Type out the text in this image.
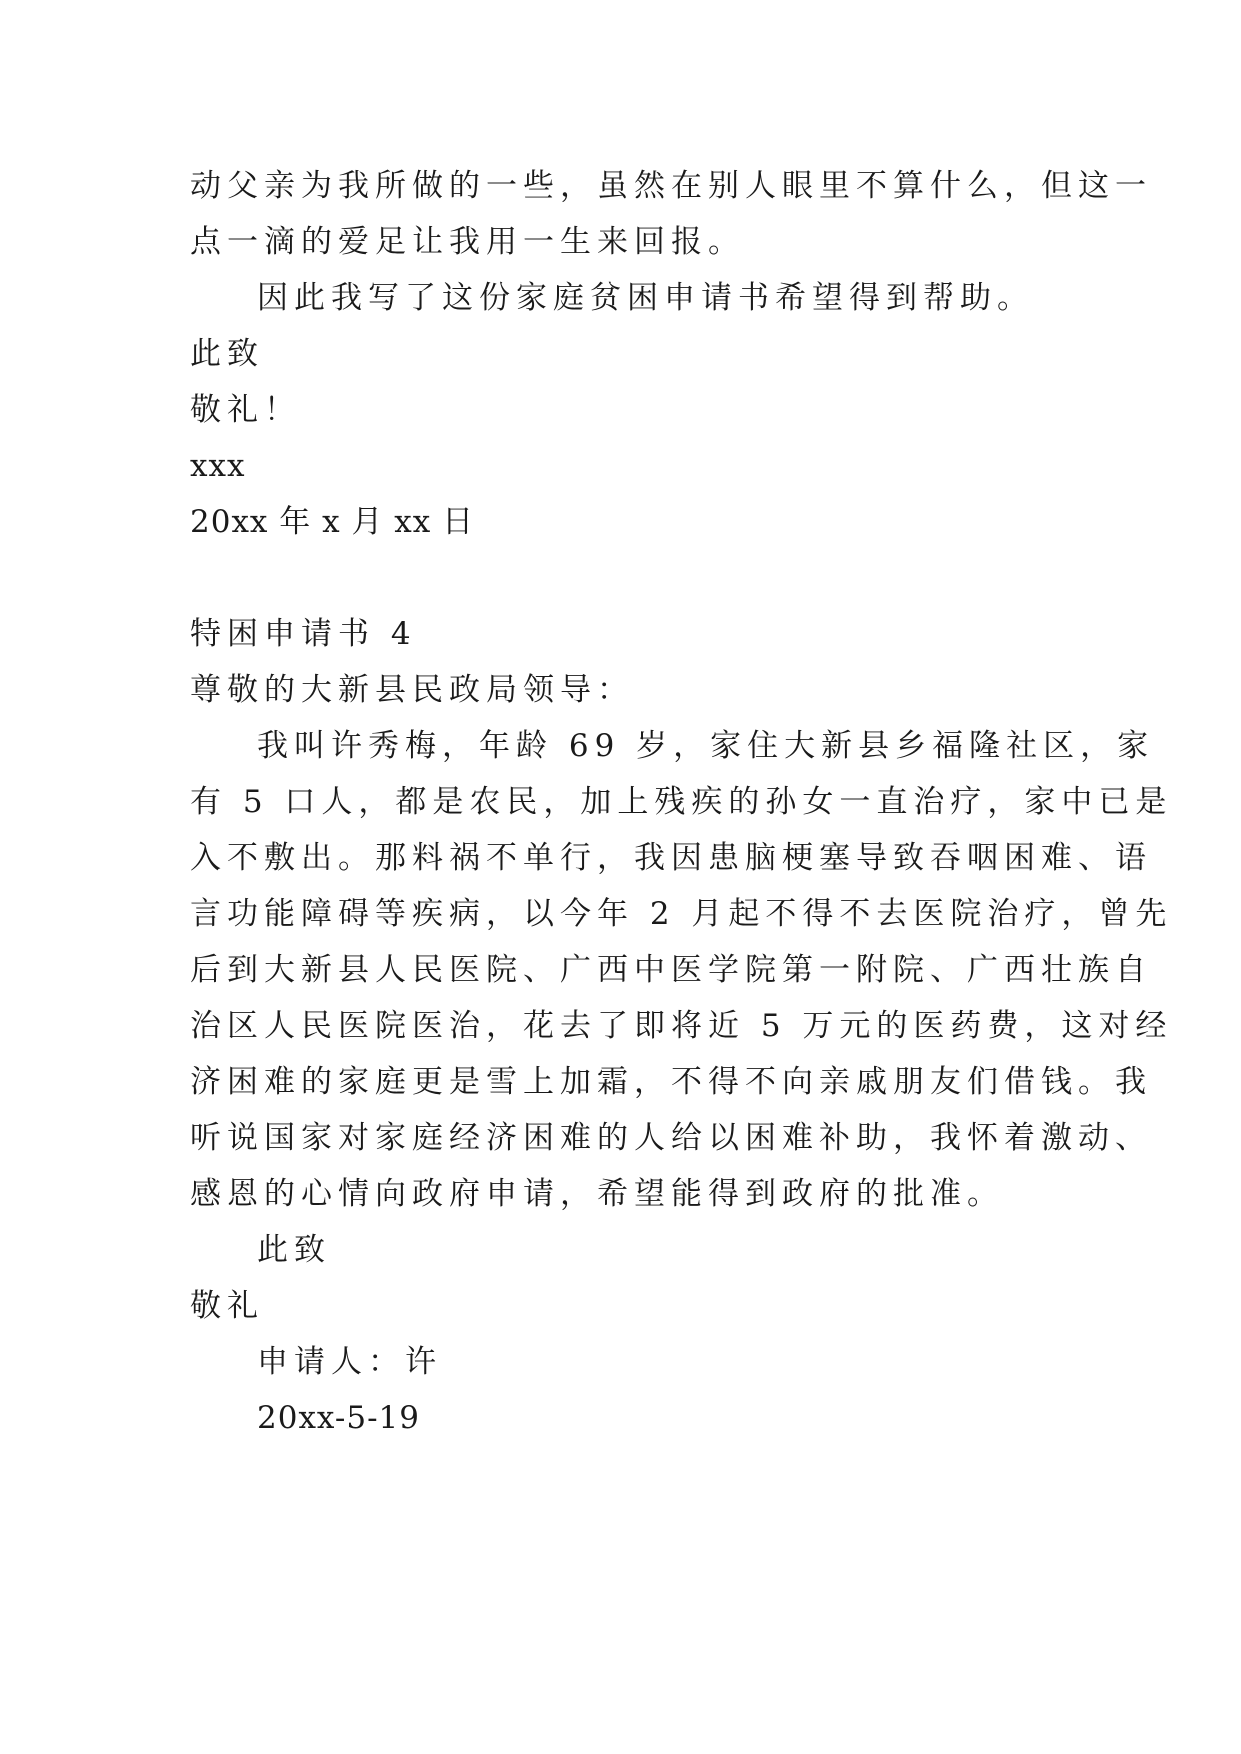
动父亲为我所做的一些，虽然在别人眼里不算什么，但这一
点一滴的爱足让我用一生来回报。
因此我写了这份家庭贫困申请书希望得到帮助。
此致
敬礼！
xxx
20xx 年 x 月 xx 日
特困申请书 4
尊敬的大新县民政局领导：
我叫许秀梅，年龄 69 岁，家住大新县乡福隆社区，家
有 5 口人，都是农民，加上残疾的孙女一直治疗，家中已是
入不敷出。那料祸不单行，我因患脑梗塞导致吞咽困难、语
言功能障碍等疾病，以今年 2 月起不得不去医院治疗，曾先
后到大新县人民医院、广西中医学院第一附院、广西壮族自
治区人民医院医治，花去了即将近 5 万元的医药费，这对经
济困难的家庭更是雪上加霜，不得不向亲戚朋友们借钱。我
听说国家对家庭经济困难的人给以困难补助，我怀着激动、
感恩的心情向政府申请，希望能得到政府的批准。
此致
敬礼
申请人：许
20xx-5-19
